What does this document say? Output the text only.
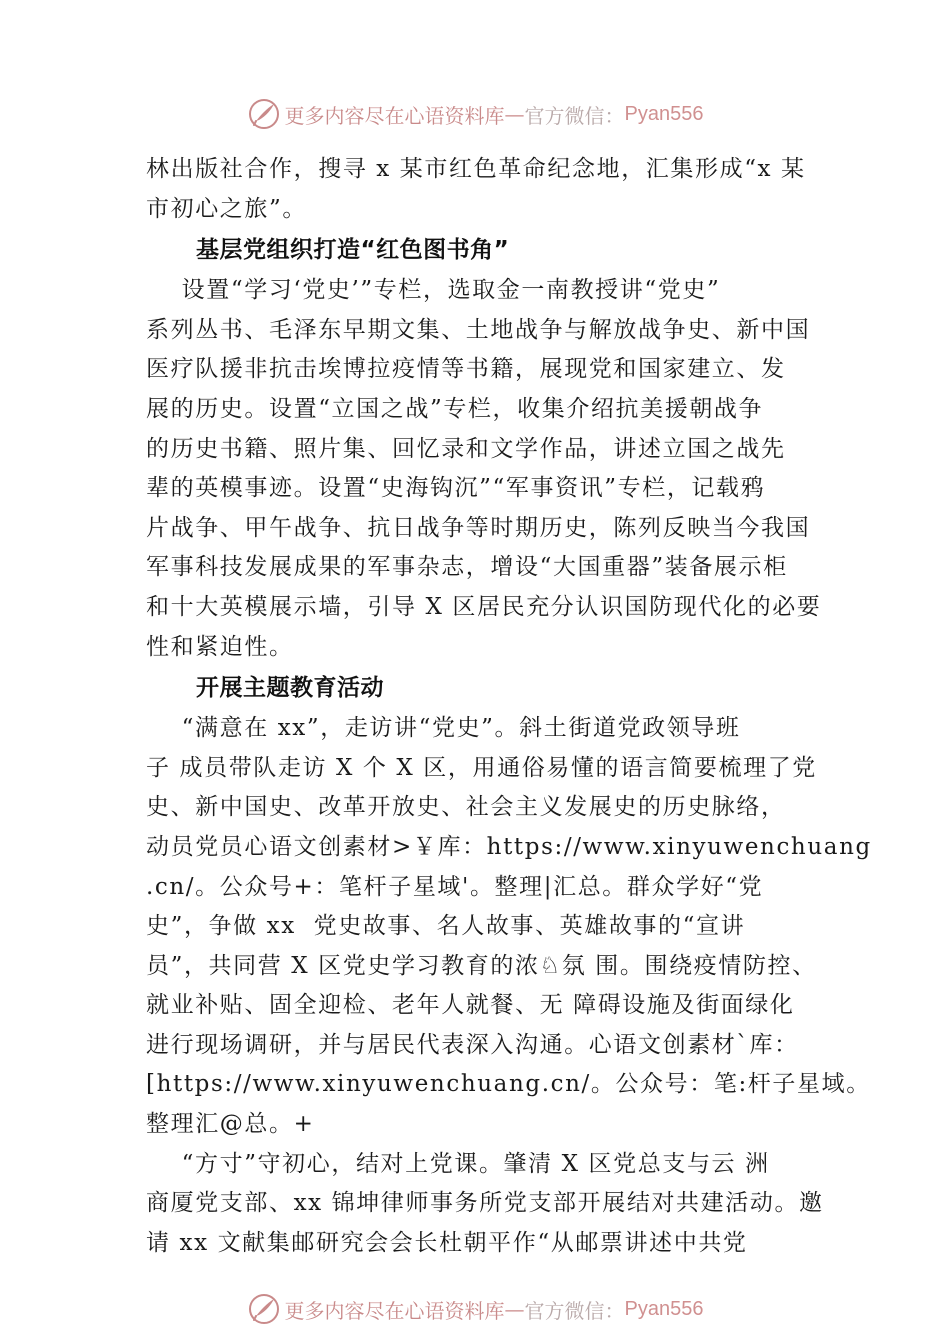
更多内容尽在心语资料库 — 官方微信： Pyan556
林出版社合作，搜寻 x 某市红色革命纪念地，汇集形成“x 某
市初心之旅”。
基层党组织打造“红色图书角”
设置“学习‘党史’”专栏，选取金一南教授讲“党史”
系列丛书、毛泽东早期文集、土地战争与解放战争史、新中国
医疗队援非抗击埃博拉疫情等书籍，展现党和国家建立、发
展的历史。设置“立国之战”专栏，收集介绍抗美援朝战争
的历史书籍、照片集、回忆录和文学作品，讲述立国之战先
辈的英模事迹。设置“史海钩沉”“军事资讯”专栏，记载鸦
片战争、甲午战争、抗日战争等时期历史，陈列反映当今我国
军事科技发展成果的军事杂志，增设“大国重器”装备展示柜
和十大英模展示墙，引导 X 区居民充分认识国防现代化的必要
性和紧迫性。
开展主题教育活动
“满意在 xx”，走访讲“党史”。斜土街道党政领导班
子 成员带队走访 X 个 X 区，用通俗易懂的语言简要梳理了党
史、新中国史、改革开放史、社会主义发展史的历史脉络，
动员党员心语文创素材>￥库：https://www.xinyuwenchuang
.cn/。公众号+：笔杆子星域'。整理|汇总。群众学好“党
史”，争做 xx  党史故事、名人故事、英雄故事的“宣讲
员”，共同营 X 区党史学习教育的浓♘氛 围。围绕疫情防控、
就业补贴、固全迎检、老年人就餐、无 障碍设施及街面绿化
进行现场调研，并与居民代表深入沟通。心语文创素材`库：
[https://www.xinyuwenchuang.cn/。公众号：笔:杆子星域。
整理汇@总。+
“方寸”守初心，结对上党课。肇清 X 区党总支与云 洲
商厦党支部、xx 锦坤律师事务所党支部开展结对共建活动。邀
请 xx 文献集邮研究会会长杜朝平作“从邮票讲述中共党
更多内容尽在心语资料库 — 官方微信： Pyan556
